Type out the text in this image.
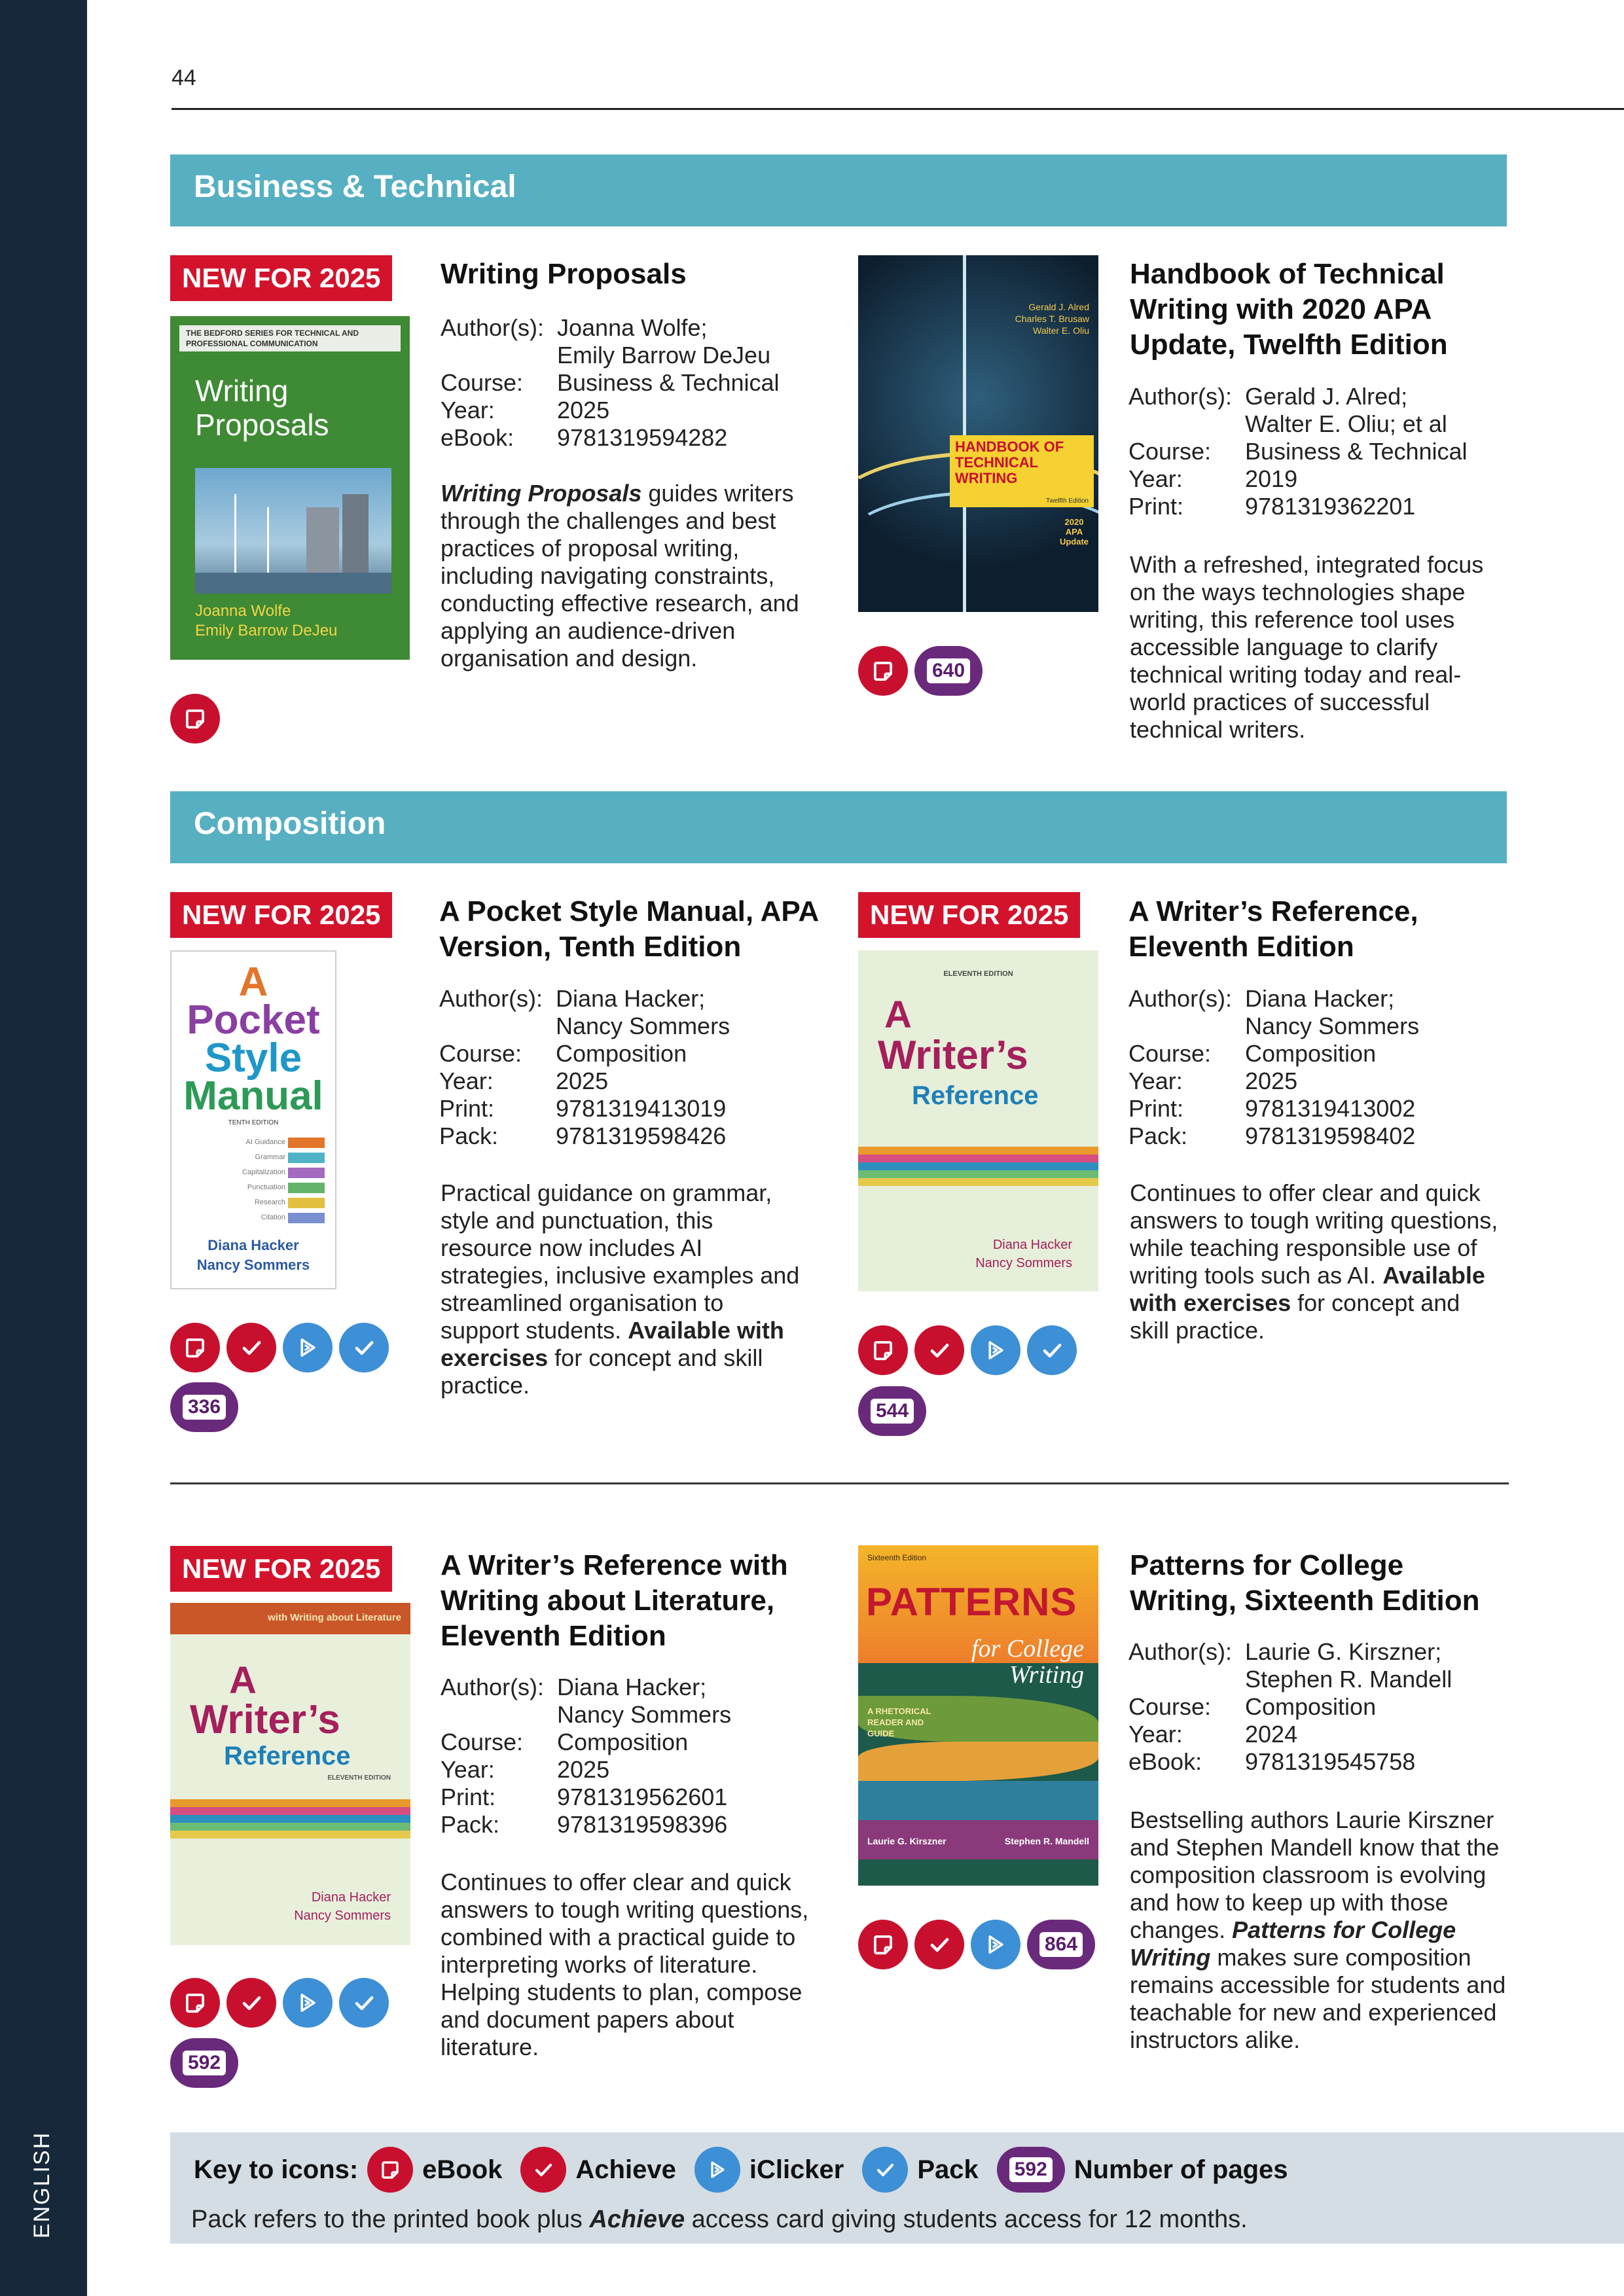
ENGLISH
44
Business & Technical
NEW FOR 2025
THE BEDFORD SERIES FOR TECHNICAL AND PROFESSIONAL COMMUNICATION
Writing
Proposals
Joanna Wolfe
Emily Barrow DeJeu
Writing Proposals
Author(s): Joanna Wolfe;
Emily Barrow DeJeu
Course:	Business & Technical
Year:	2025
eBook:	9781319594282
Writing Proposals guides writers through the challenges and best practices of proposal writing, including navigating constraints, conducting effective research, and applying an audience-driven organisation and design.
Gerald J. Alred
Charles T. Brusaw
Walter E. Oliu
HANDBOOK OF
TECHNICAL
WRITING
Twelfth Edition
2020
APA
Update
640
Handbook of Technical Writing with 2020 APA Update, Twelfth Edition
Author(s): Gerald J. Alred;
Walter E. Oliu; et al
Course:	Business & Technical
Year:	2019
Print:	9781319362201
With a refreshed, integrated focus on the ways technologies shape writing, this reference tool uses accessible language to clarify technical writing today and real-world practices of successful technical writers.
Composition
NEW FOR 2025
A
Pocket
Style
Manual
TENTH EDITION
AI Guidance
Grammar
Capitalization
Punctuation
Research
Citation
Diana Hacker
Nancy Sommers
336
A Pocket Style Manual, APA Version, Tenth Edition
Author(s): Diana Hacker;
Nancy Sommers
Course:	Composition
Year:	2025
Print:	9781319413019
Pack:	9781319598426
Practical guidance on grammar, style and punctuation, this resource now includes AI strategies, inclusive examples and streamlined organisation to support students. Available with exercises for concept and skill practice.
NEW FOR 2025
ELEVENTH EDITION
A
Writer’s
Reference
Diana Hacker
Nancy Sommers
544
A Writer’s Reference, Eleventh Edition
Author(s): Diana Hacker;
Nancy Sommers
Course:	Composition
Year:	2025
Print:	9781319413002
Pack:	9781319598402
Continues to offer clear and quick answers to tough writing questions, while teaching responsible use of writing tools such as AI. Available with exercises for concept and skill practice.
NEW FOR 2025
with Writing about Literature
A
Writer’s
Reference
ELEVENTH EDITION
Diana Hacker
Nancy Sommers
592
A Writer’s Reference with Writing about Literature, Eleventh Edition
Author(s): Diana Hacker;
Nancy Sommers
Course:	Composition
Year:	2025
Print:	9781319562601
Pack:	9781319598396
Continues to offer clear and quick answers to tough writing questions, combined with a practical guide to interpreting works of literature. Helping students to plan, compose and document papers about literature.
Sixteenth Edition
PATTERNS
for College
Writing
A RHETORICAL
READER AND
GUIDE
Laurie G. Kirszner	Stephen R. Mandell
864
Patterns for College Writing, Sixteenth Edition
Author(s): Laurie G. Kirszner;
Stephen R. Mandell
Course:	Composition
Year:	2024
eBook:	9781319545758
Bestselling authors Laurie Kirszner and Stephen Mandell know that the composition classroom is evolving and how to keep up with those changes. Patterns for College Writing makes sure composition remains accessible for students and teachable for new and experienced instructors alike.
Key to icons: eBook	Achieve	iClicker	Pack 592 Number of pages
Pack refers to the printed book plus Achieve access card giving students access for 12 months.
